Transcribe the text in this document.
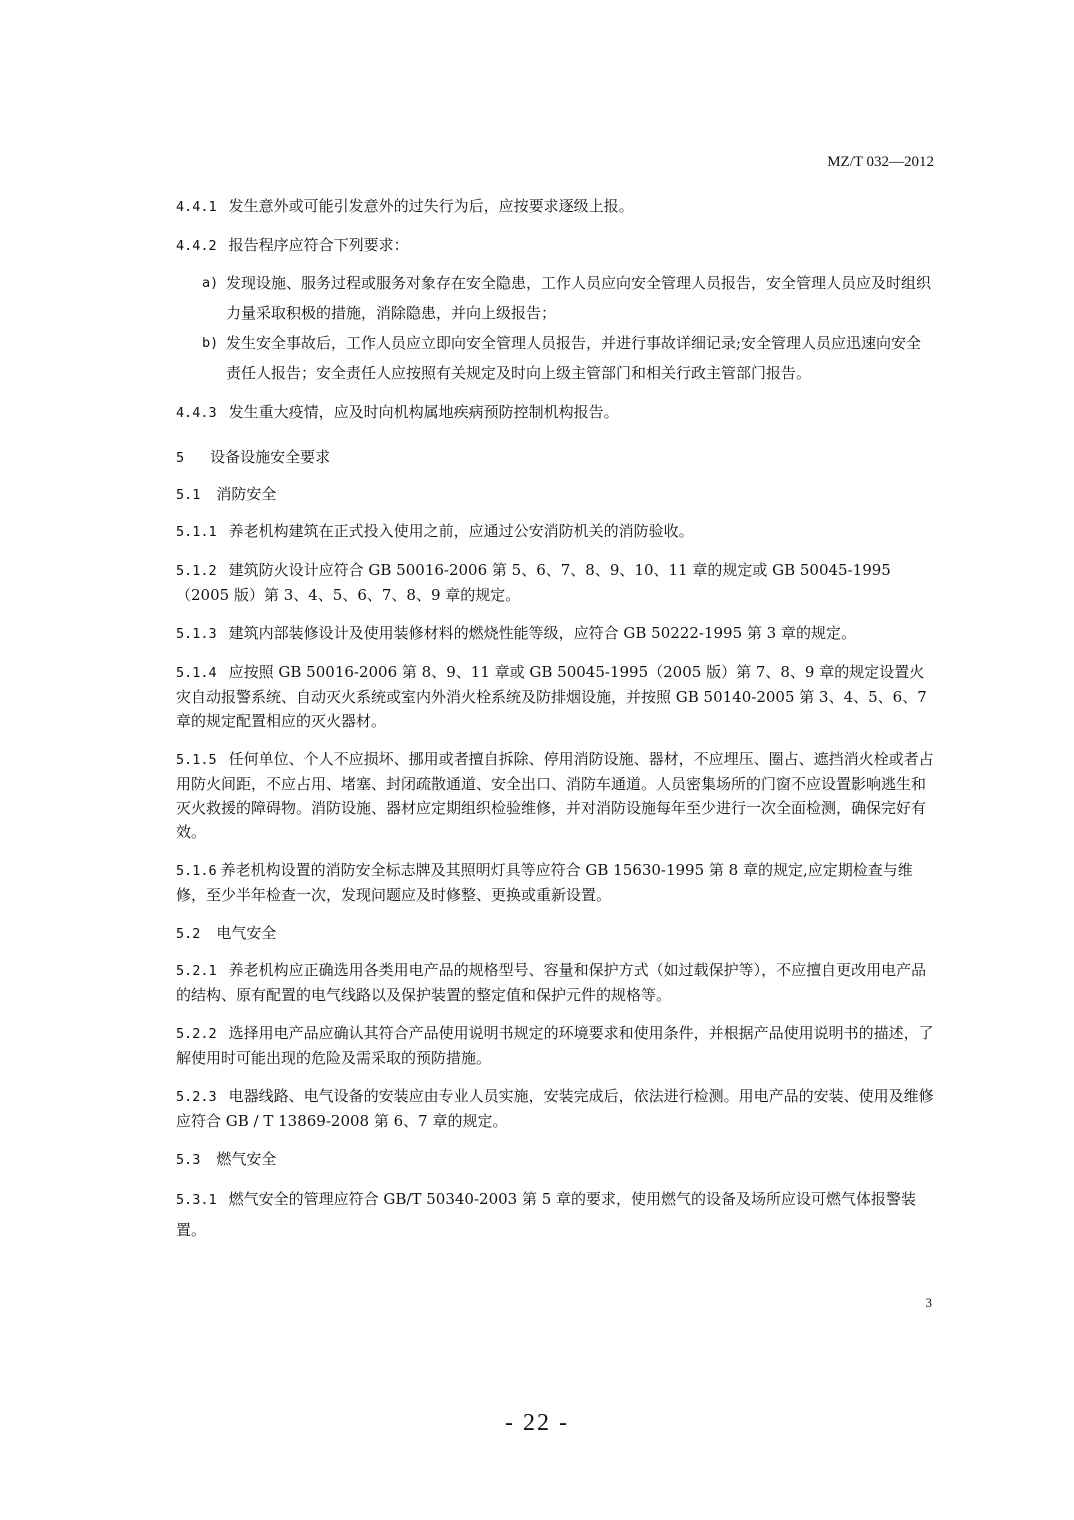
MZ/T 032—2012

4.4.1 发生意外或可能引发意外的过失行为后，应按要求逐级上报。

4.4.2 报告程序应符合下列要求：

a) 发现设施、服务过程或服务对象存在安全隐患，工作人员应向安全管理人员报告，安全管理人员应及时组织力量采取积极的措施，消除隐患，并向上级报告；
b) 发生安全事故后，工作人员应立即向安全管理人员报告，并进行事故详细记录;安全管理人员应迅速向安全责任人报告；安全责任人应按照有关规定及时向上级主管部门和相关行政主管部门报告。

4.4.3 发生重大疫情，应及时向机构属地疾病预防控制机构报告。

5 设备设施安全要求
5.1 消防安全

5.1.1 养老机构建筑在正式投入使用之前，应通过公安消防机关的消防验收。

5.1.2 建筑防火设计应符合 GB 50016-2006 第 5、6、7、8、9、10、11 章的规定或 GB 50045-1995（2005 版）第 3、4、5、6、7、8、9 章的规定。

5.1.3 建筑内部装修设计及使用装修材料的燃烧性能等级，应符合 GB 50222-1995 第 3 章的规定。

5.1.4 应按照 GB 50016-2006 第 8、9、11 章或 GB 50045-1995（2005 版）第 7、8、9 章的规定设置火灾自动报警系统、自动灭火系统或室内外消火栓系统及防排烟设施，并按照 GB 50140-2005 第 3、4、5、6、7 章的规定配置相应的灭火器材。

5.1.5 任何单位、个人不应损坏、挪用或者擅自拆除、停用消防设施、器材，不应埋压、圈占、遮挡消火栓或者占用防火间距，不应占用、堵塞、封闭疏散通道、安全出口、消防车通道。人员密集场所的门窗不应设置影响逃生和灭火救援的障碍物。消防设施、器材应定期组织检验维修，并对消防设施每年至少进行一次全面检测，确保完好有效。

5.1.6 养老机构设置的消防安全标志牌及其照明灯具等应符合 GB 15630-1995 第 8 章的规定,应定期检查与维修，至少半年检查一次，发现问题应及时修整、更换或重新设置。

5.2 电气安全

5.2.1 养老机构应正确选用各类用电产品的规格型号、容量和保护方式（如过载保护等），不应擅自更改用电产品的结构、原有配置的电气线路以及保护装置的整定值和保护元件的规格等。

5.2.2 选择用电产品应确认其符合产品使用说明书规定的环境要求和使用条件，并根据产品使用说明书的描述，了解使用时可能出现的危险及需采取的预防措施。

5.2.3 电器线路、电气设备的安装应由专业人员实施，安装完成后，依法进行检测。用电产品的安装、使用及维修应符合 GB / T 13869-2008 第 6、7 章的规定。

5.3 燃气安全

5.3.1 燃气安全的管理应符合 GB/T 50340-2003 第 5 章的要求，使用燃气的设备及场所应设可燃气体报警装置。

3
- 22 -
